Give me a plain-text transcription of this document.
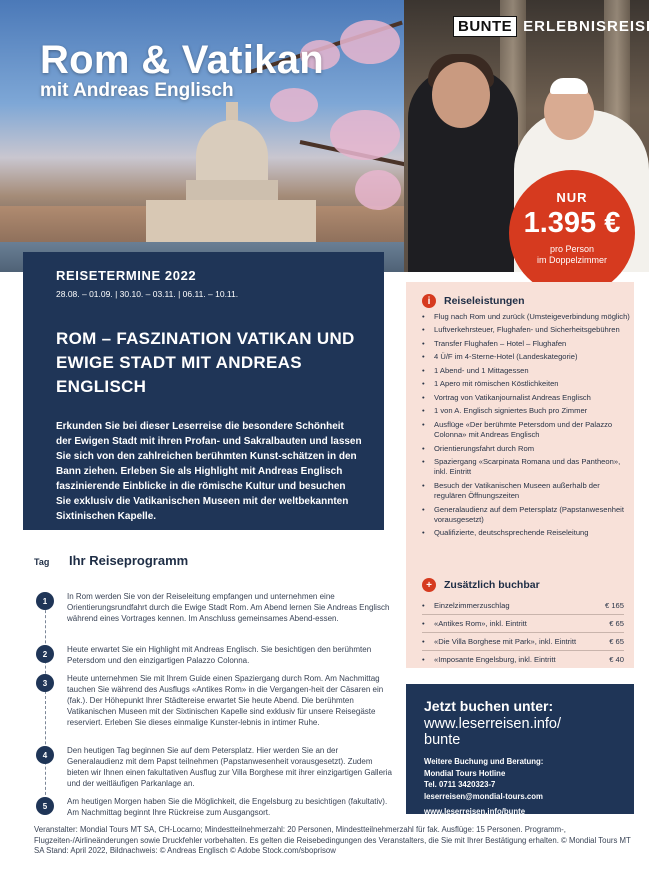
Rom & Vatikan
mit Andreas Englisch
BUNTE ERLEBNISREISEN
NUR
1.395 €
pro Person
im Doppelzimmer
REISETERMINE 2022
28.08. – 01.09. | 30.10. – 03.11. | 06.11. – 10.11.
ROM – FASZINATION VATIKAN UND EWIGE STADT MIT ANDREAS ENGLISCH
Erkunden Sie bei dieser Leserreise die besondere Schönheit der Ewigen Stadt mit ihren Profan- und Sakralbauten und lassen Sie sich von den zahlreichen berühmten Kunst-schätzen in den Bann ziehen. Erleben Sie als Highlight mit Andreas Englisch faszinierende Einblicke in die römische Kultur und besuchen Sie exklusiv die Vatikanischen Museen mit der weltbekannten Sixtinischen Kapelle.
i	Reiseleistungen
• Flug nach Rom und zurück (Umsteigeverbindung möglich)
• Luftverkehrsteuer, Flughafen- und Sicherheitsgebühren
• Transfer Flughafen – Hotel – Flughafen
• 4 Ü/F im 4-Sterne-Hotel (Landeskategorie)
• 1 Abend- und 1 Mittagessen
• 1 Apero mit römischen Köstlichkeiten
• Vortrag von Vatikanjournalist Andreas Englisch
• 1 von A. Englisch signiertes Buch pro Zimmer
• Ausflüge «Der berühmte Petersdom und der Palazzo Colonna» mit Andreas Englisch
• Orientierungsfahrt durch Rom
• Spaziergang «Scarpinata Romana und das Pantheon», inkl. Eintritt
• Besuch der Vatikanischen Museen außerhalb der regulären Öffnungszeiten
• Generalaudienz auf dem Petersplatz (Papstanwesenheit vorausgesetzt)
• Qualifizierte, deutschsprechende Reiseleitung
+	Zusätzlich buchbar
• Einzelzimmerzuschlag	€ 165
• «Antikes Rom», inkl. Eintritt	€ 65
• «Die Villa Borghese mit Park», inkl. Eintritt	€ 65
• «Imposante Engelsburg, inkl. Eintritt	€ 40
Jetzt buchen unter:
www.leserreisen.info/
bunte
Weitere Buchung und Beratung:
Mondial Tours Hotline
Tel. 0711 3420323-7
leserreisen@mondial-tours.com
www.leserreisen.info/bunte
Tag Ihr Reiseprogramm
1	In Rom werden Sie von der Reiseleitung empfangen und unternehmen eine Orientierungsrundfahrt durch die Ewige Stadt Rom. Am Abend lernen Sie Andreas Englisch während eines Vortrages kennen. Im Anschluss gemeinsames Abend-essen.
2	Heute erwartet Sie ein Highlight mit Andreas Englisch. Sie besichtigen den berühmten Petersdom und den einzigartigen Palazzo Colonna.
3	Heute unternehmen Sie mit Ihrem Guide einen Spaziergang durch Rom. Am Nachmittag tauchen Sie während des Ausflugs «Antikes Rom» in die Vergangen-heit der Cäsaren ein (fak.). Der Höhepunkt Ihrer Städtereise erwartet Sie heute Abend. Die berühmten Vatikanischen Museen mit der Sixtinischen Kapelle sind exklusiv für unsere Reisegäste reserviert. Erleben Sie dieses einmalige Kunster-lebnis in intimer Ruhe.
4	Den heutigen Tag beginnen Sie auf dem Petersplatz. Hier werden Sie an der Generalaudienz mit dem Papst teilnehmen (Papstanwesenheit vorausgesetzt). Zudem bieten wir Ihnen einen fakultativen Ausflug zur Villa Borghese mit ihrer einzigartigen Galleria und der weitläufigen Parkanlage an.
5	Am heutigen Morgen haben Sie die Möglichkeit, die Engelsburg zu besichtigen (fakultativ). Am Nachmittag beginnt Ihre Rückreise zum Ausgangsort.
Veranstalter: Mondial Tours MT SA, CH-Locarno; Mindestteilnehmerzahl: 20 Personen, Mindestteilnehmerzahl für fak. Ausflüge: 15 Personen. Programm-, Flugzeiten-/Airlineänderungen sowie Druckfehler vorbehalten. Es gelten die Reisebedingungen des Veranstalters, die Sie mit Ihrer Bestätigung erhalten. © Mondial Tours MT SA Stand: April 2022, Bildnachweis: © Andreas Englisch © Adobe Stock.com/sboprisow
